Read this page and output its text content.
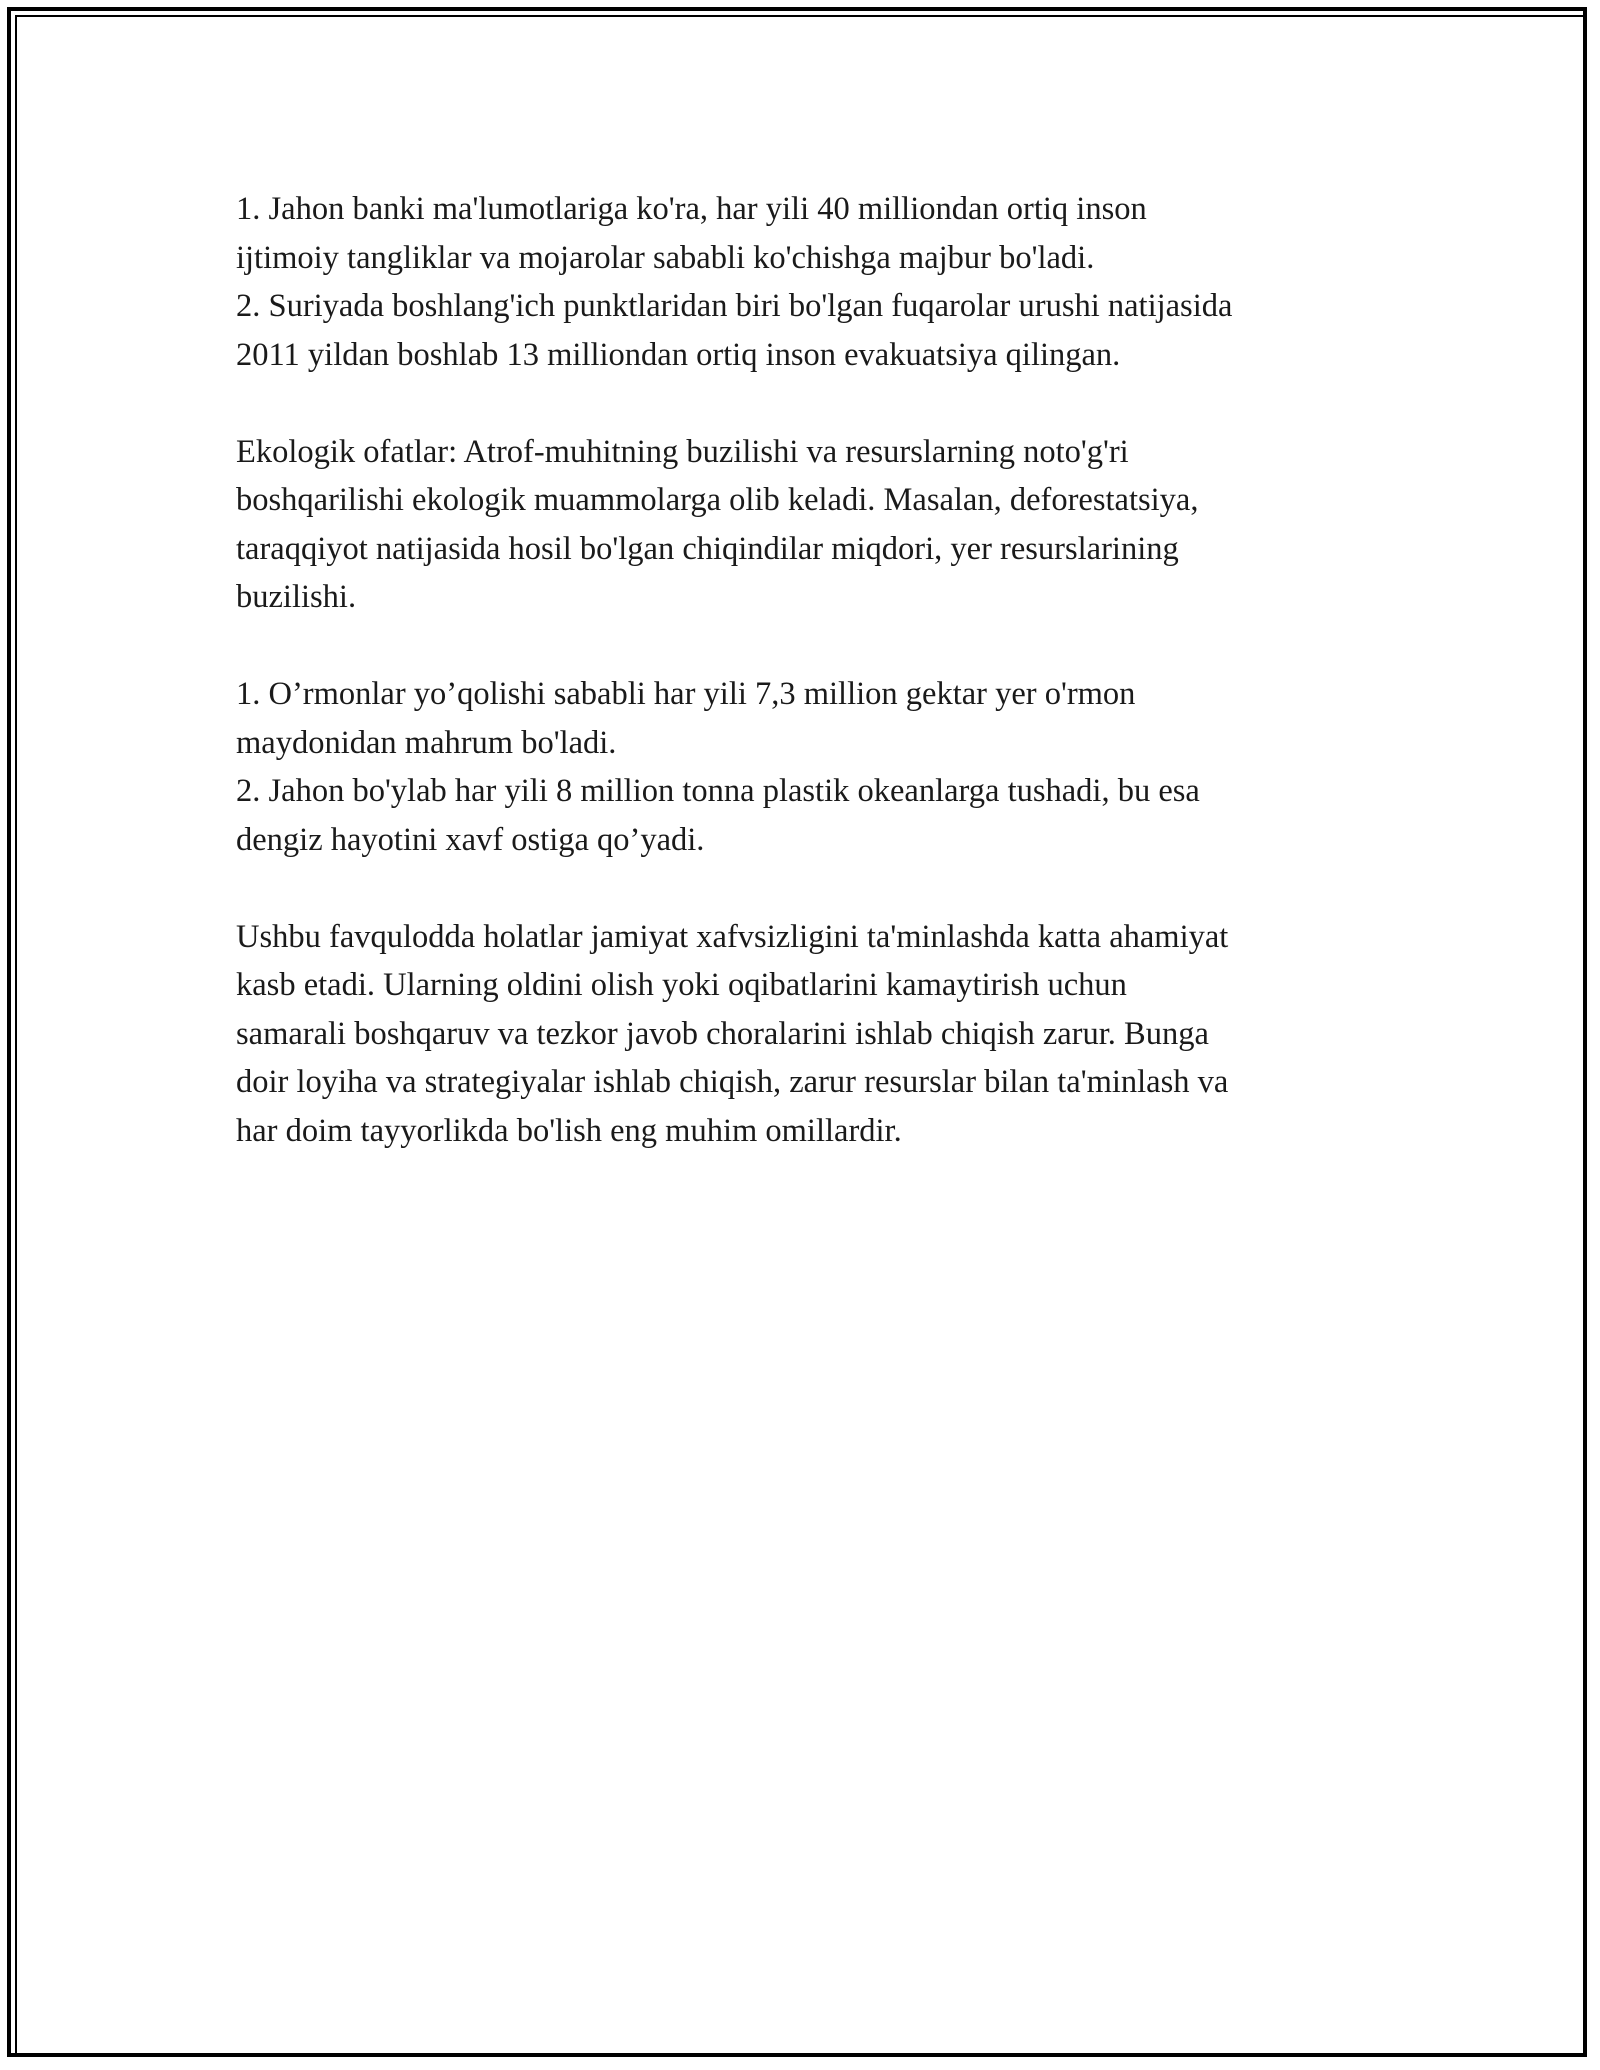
1. Jahon banki ma'lumotlariga ko'ra, har yili 40 milliondan ortiq inson
ijtimoiy tangliklar va mojarolar sababli ko'chishga majbur bo'ladi.
2. Suriyada boshlang'ich punktlaridan biri bo'lgan fuqarolar urushi natijasida
2011 yildan boshlab 13 milliondan ortiq inson evakuatsiya qilingan.
Ekologik ofatlar: Atrof-muhitning buzilishi va resurslarning noto'g'ri
boshqarilishi ekologik muammolarga olib keladi. Masalan, deforestatsiya,
taraqqiyot natijasida hosil bo'lgan chiqindilar miqdori, yer resurslarining
buzilishi.
1. O’rmonlar yo’qolishi sababli har yili 7,3 million gektar yer o'rmon
maydonidan mahrum bo'ladi.
2. Jahon bo'ylab har yili 8 million tonna plastik okeanlarga tushadi, bu esa
dengiz hayotini xavf ostiga qo’yadi.
Ushbu favqulodda holatlar jamiyat xafvsizligini ta'minlashda katta ahamiyat
kasb etadi. Ularning oldini olish yoki oqibatlarini kamaytirish uchun
samarali boshqaruv va tezkor javob choralarini ishlab chiqish zarur. Bunga
doir loyiha va strategiyalar ishlab chiqish, zarur resurslar bilan ta'minlash va
har doim tayyorlikda bo'lish eng muhim omillardir.
